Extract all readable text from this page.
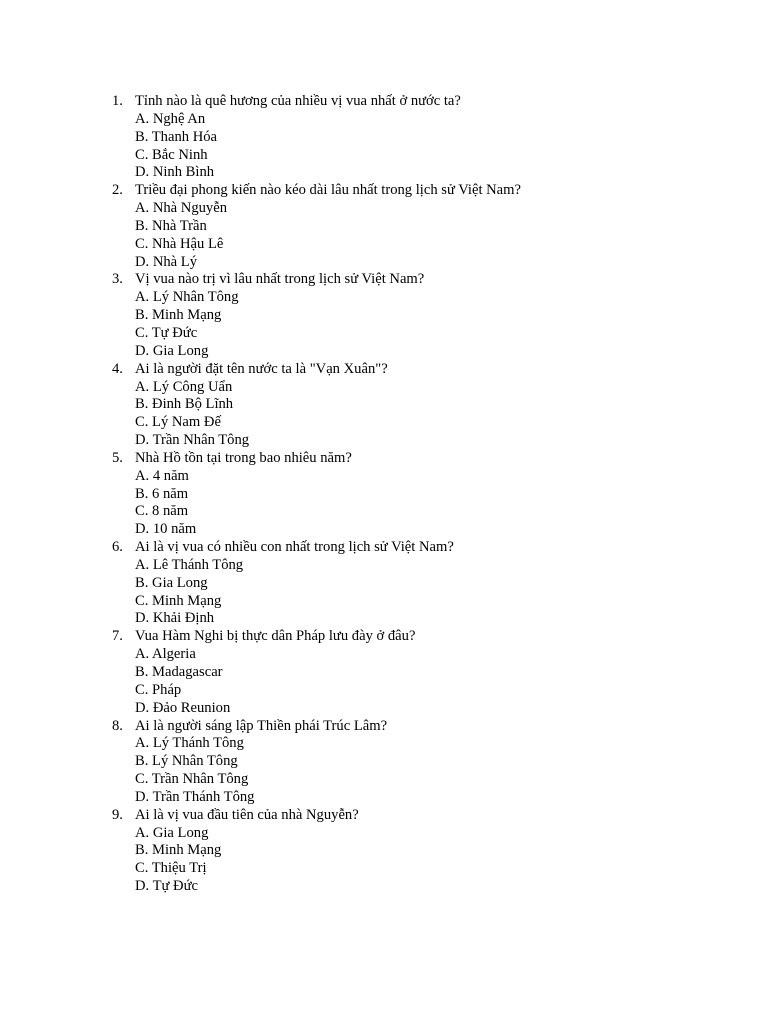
1. Tỉnh nào là quê hương của nhiều vị vua nhất ở nước ta?
A. Nghệ An
B. Thanh Hóa
C. Bắc Ninh
D. Ninh Bình
2. Triều đại phong kiến nào kéo dài lâu nhất trong lịch sử Việt Nam?
A. Nhà Nguyễn
B. Nhà Trần
C. Nhà Hậu Lê
D. Nhà Lý
3. Vị vua nào trị vì lâu nhất trong lịch sử Việt Nam?
A. Lý Nhân Tông
B. Minh Mạng
C. Tự Đức
D. Gia Long
4. Ai là người đặt tên nước ta là "Vạn Xuân"?
A. Lý Công Uẩn
B. Đinh Bộ Lĩnh
C. Lý Nam Đế
D. Trần Nhân Tông
5. Nhà Hồ tồn tại trong bao nhiêu năm?
A. 4 năm
B. 6 năm
C. 8 năm
D. 10 năm
6. Ai là vị vua có nhiều con nhất trong lịch sử Việt Nam?
A. Lê Thánh Tông
B. Gia Long
C. Minh Mạng
D. Khải Định
7. Vua Hàm Nghi bị thực dân Pháp lưu đày ở đâu?
A. Algeria
B. Madagascar
C. Pháp
D. Đảo Reunion
8. Ai là người sáng lập Thiền phái Trúc Lâm?
A. Lý Thánh Tông
B. Lý Nhân Tông
C. Trần Nhân Tông
D. Trần Thánh Tông
9. Ai là vị vua đầu tiên của nhà Nguyễn?
A. Gia Long
B. Minh Mạng
C. Thiệu Trị
D. Tự Đức
